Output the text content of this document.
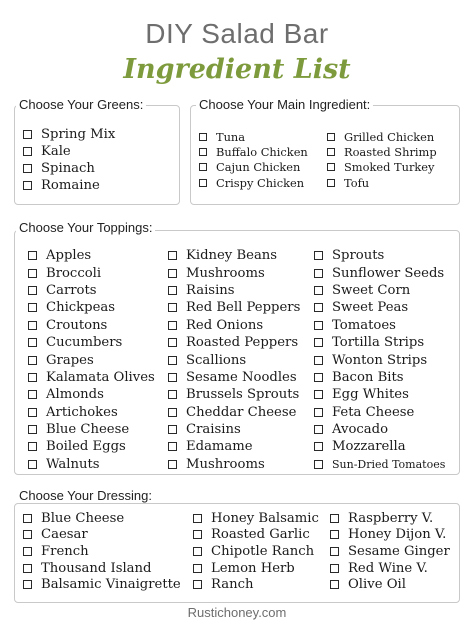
DIY Salad Bar
Ingredient List
Choose Your Greens:
Spring Mix
Kale
Spinach
Romaine
Choose Your Main Ingredient:
Tuna
Buffalo Chicken
Cajun Chicken
Crispy Chicken
Grilled Chicken
Roasted Shrimp
Smoked Turkey
Tofu
Choose Your Toppings:
Apples
Broccoli
Carrots
Chickpeas
Croutons
Cucumbers
Grapes
Kalamata Olives
Almonds
Artichokes
Blue Cheese
Boiled Eggs
Walnuts
Kidney Beans
Mushrooms
Raisins
Red Bell Peppers
Red Onions
Roasted Peppers
Scallions
Sesame Noodles
Brussels Sprouts
Cheddar Cheese
Craisins
Edamame
Mushrooms
Sprouts
Sunflower Seeds
Sweet Corn
Sweet Peas
Tomatoes
Tortilla Strips
Wonton Strips
Bacon Bits
Egg Whites
Feta Cheese
Avocado
Mozzarella
Sun-Dried Tomatoes
Choose Your Dressing:
Blue Cheese
Caesar
French
Thousand Island
Balsamic Vinaigrette
Honey Balsamic
Roasted Garlic
Chipotle Ranch
Lemon Herb
Ranch
Raspberry V.
Honey Dijon V.
Sesame Ginger
Red Wine V.
Olive Oil
Rustichoney.com
